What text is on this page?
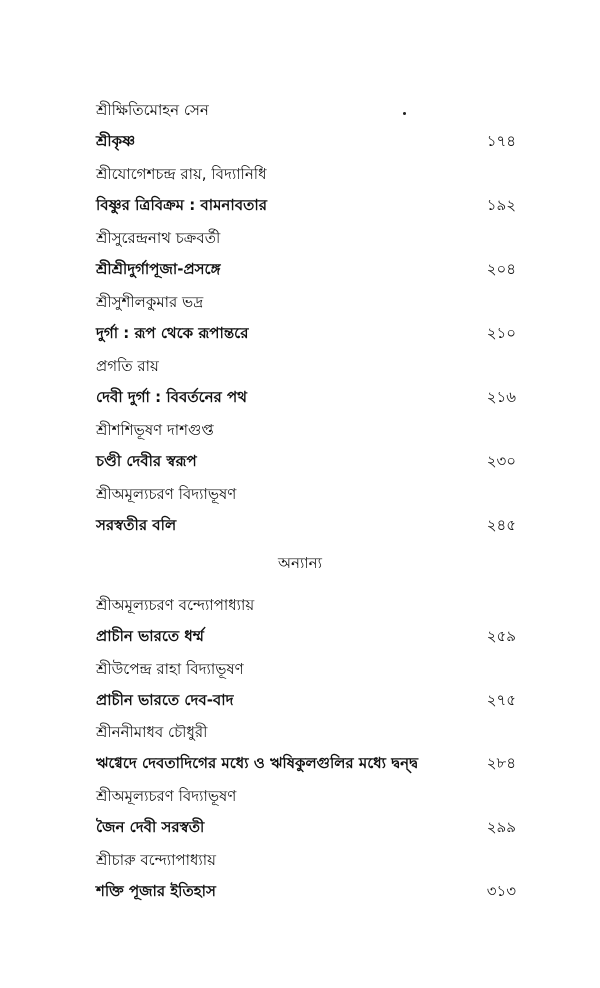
শ্রীক্ষিতিমোহন সেন
শ্রীকৃষ্ণ	১৭৪
শ্রীযোগেশচন্দ্র রায়, বিদ্যানিধি
বিষ্ণুর ত্রিবিক্রম : বামনাবতার	১৯২
শ্রীসুরেন্দ্রনাথ চক্রবর্তী
শ্রীশ্রীদুর্গাপূজা-প্রসঙ্গে	২০৪
শ্রীসুশীলকুমার ভদ্র
দুর্গা : রূপ থেকে রূপান্তরে	২১০
প্রগতি রায়
দেবী দুর্গা : বিবর্তনের পথ	২১৬
শ্রীশশিভূষণ দাশগুপ্ত
চণ্ডী দেবীর স্বরূপ	২৩০
শ্রীঅমূল্যচরণ বিদ্যাভূষণ
সরস্বতীর বলি	২৪৫
অন্যান্য
শ্রীঅমূল্যচরণ বন্দ্যোপাধ্যায়
প্রাচীন ভারতে ধর্ম্ম	২৫৯
শ্রীউপেন্দ্র রাহা বিদ্যাভূষণ
প্রাচীন ভারতে দেব-বাদ	২৭৫
শ্রীননীমাধব চৌধুরী
ঋগ্বেদে দেবতাদিগের মধ্যে ও ঋষিকুলগুলির মধ্যে দ্বন্দ্ব	২৮৪
শ্রীঅমূল্যচরণ বিদ্যাভূষণ
জৈন দেবী সরস্বতী	২৯৯
শ্রীচারু বন্দ্যোপাধ্যায়
শক্তি পূজার ইতিহাস	৩১৩
